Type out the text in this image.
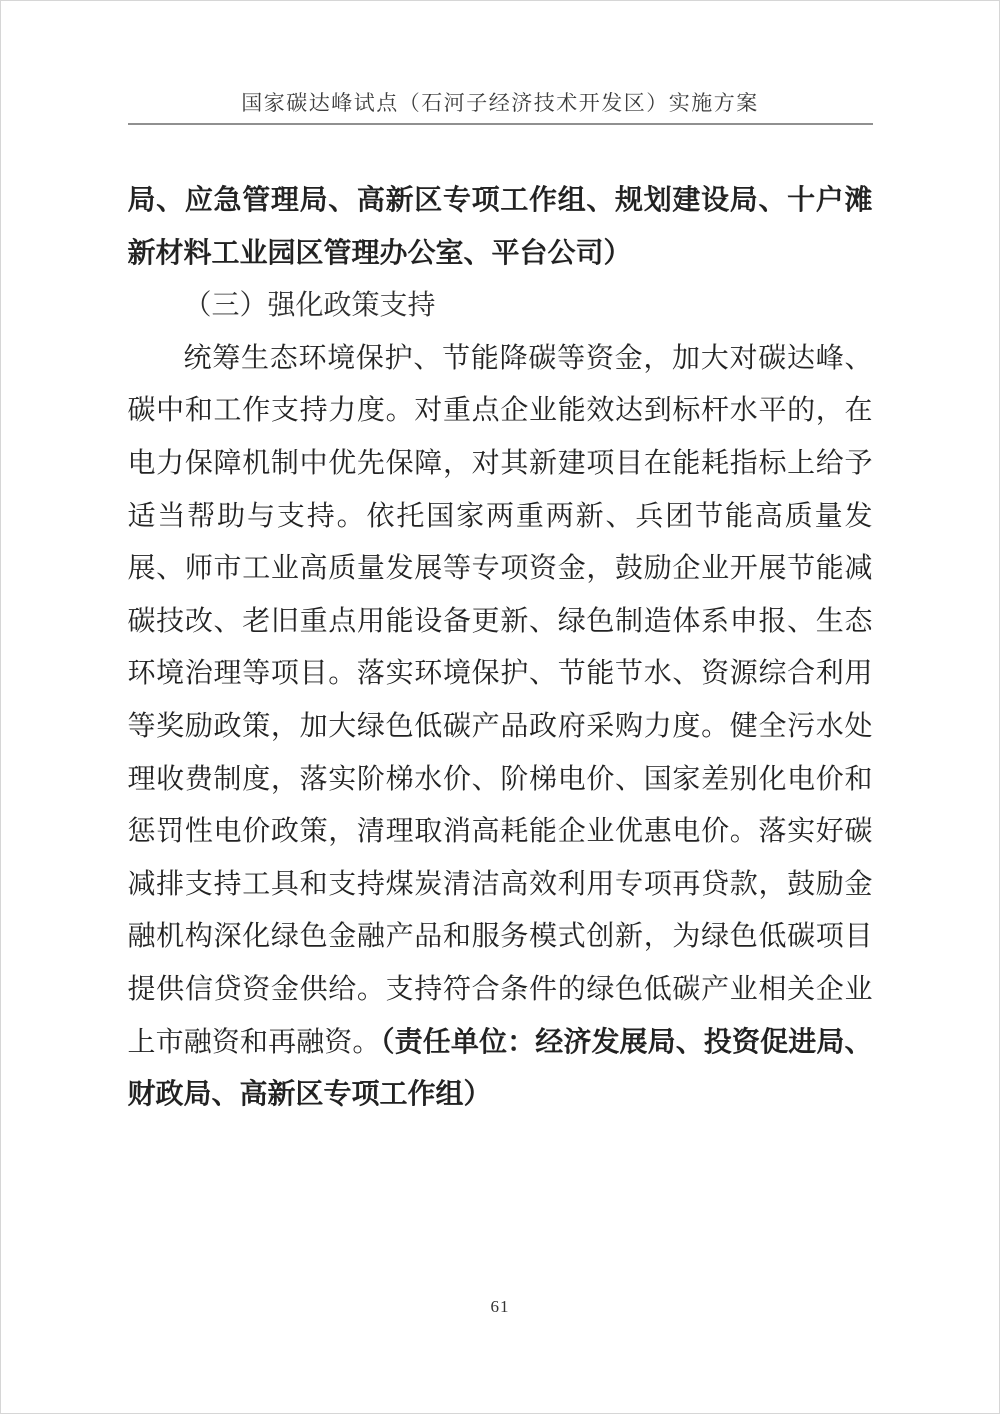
国家碳达峰试点（石河子经济技术开发区）实施方案

局、应急管理局、高新区专项工作组、规划建设局、十户滩新材料工业园区管理办公室、平台公司）

（三）强化政策支持

统筹生态环境保护、节能降碳等资金，加大对碳达峰、碳中和工作支持力度。对重点企业能效达到标杆水平的，在电力保障机制中优先保障，对其新建项目在能耗指标上给予适当帮助与支持。依托国家两重两新、兵团节能高质量发展、师市工业高质量发展等专项资金，鼓励企业开展节能减碳技改、老旧重点用能设备更新、绿色制造体系申报、生态环境治理等项目。落实环境保护、节能节水、资源综合利用等奖励政策，加大绿色低碳产品政府采购力度。健全污水处理收费制度，落实阶梯水价、阶梯电价、国家差别化电价和惩罚性电价政策，清理取消高耗能企业优惠电价。落实好碳减排支持工具和支持煤炭清洁高效利用专项再贷款，鼓励金融机构深化绿色金融产品和服务模式创新，为绿色低碳项目提供信贷资金供给。支持符合条件的绿色低碳产业相关企业上市融资和再融资。（责任单位：经济发展局、投资促进局、财政局、高新区专项工作组）

61
